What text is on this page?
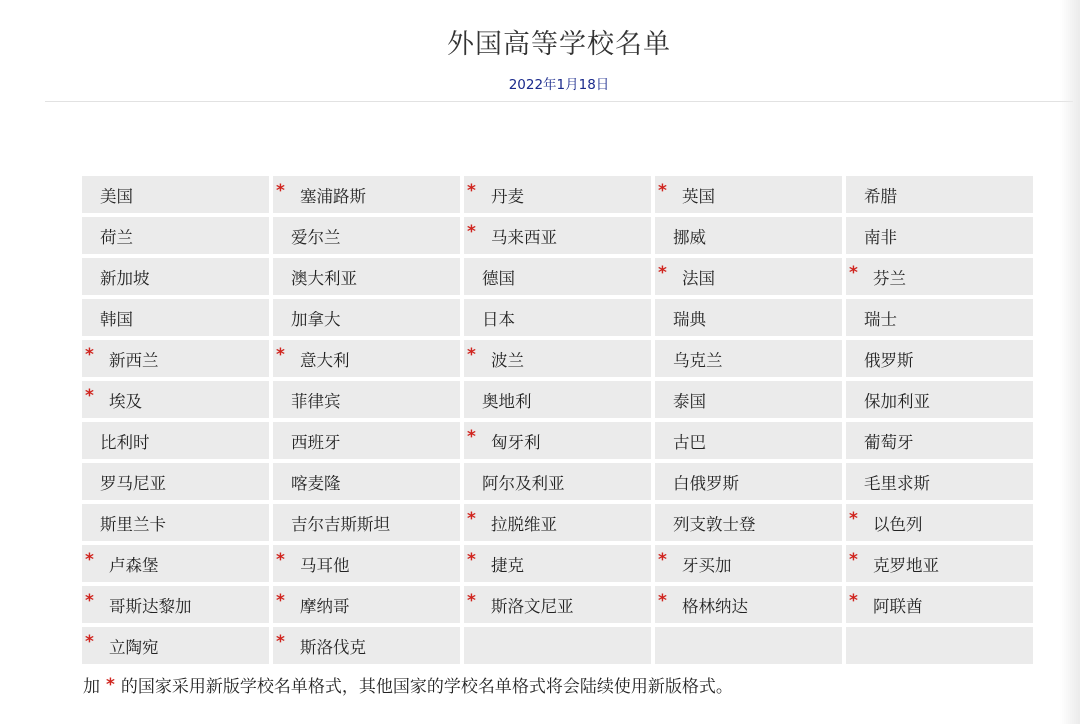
外国高等学校名单
2022年1月18日
美国	* 塞浦路斯	* 丹麦	* 英国	希腊
荷兰	爱尔兰	* 马来西亚	挪威	南非
新加坡	澳大利亚	德国	* 法国	* 芬兰
韩国	加拿大	日本	瑞典	瑞士
* 新西兰	* 意大利	* 波兰	乌克兰	俄罗斯
* 埃及	菲律宾	奥地利	泰国	保加利亚
比利时	西班牙	* 匈牙利	古巴	葡萄牙
罗马尼亚	喀麦隆	阿尔及利亚	白俄罗斯	毛里求斯
斯里兰卡	吉尔吉斯斯坦	* 拉脱维亚	列支敦士登	* 以色列
* 卢森堡	* 马耳他	* 捷克	* 牙买加	* 克罗地亚
* 哥斯达黎加	* 摩纳哥	* 斯洛文尼亚	* 格林纳达	* 阿联酋
* 立陶宛	* 斯洛伐克
加 * 的国家采用新版学校名单格式，其他国家的学校名单格式将会陆续使用新版格式。
